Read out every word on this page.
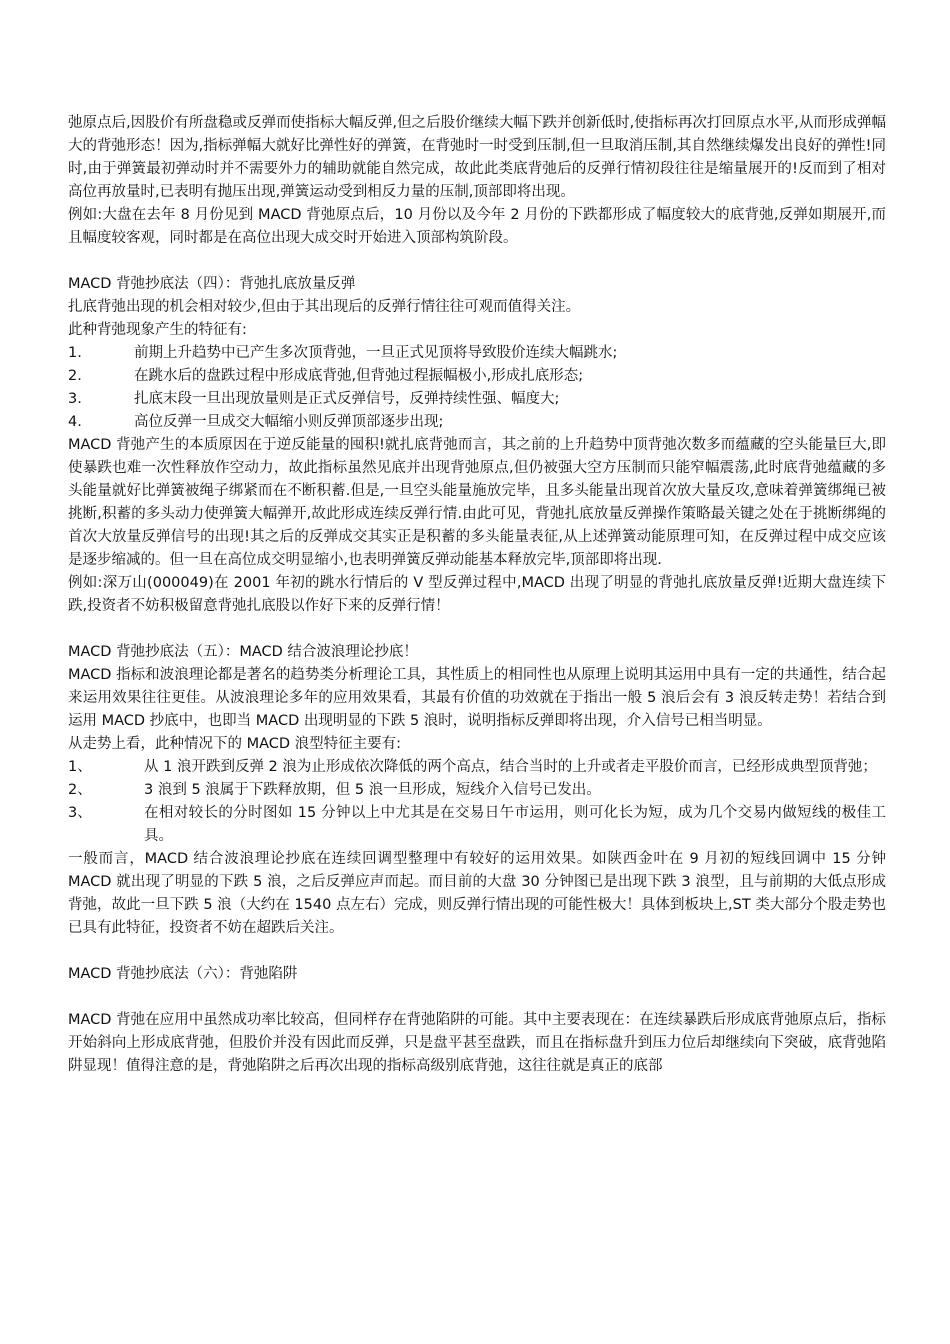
弛原点后,因股价有所盘稳或反弹而使指标大幅反弹,但之后股价继续大幅下跌并创新低时,使指标再次打回原点水平,从而形成弹幅大的背弛形态！因为,指标弹幅大就好比弹性好的弹簧，在背弛时一时受到压制,但一旦取消压制,其自然继续爆发出良好的弹性!同时,由于弹簧最初弹动时并不需要外力的辅助就能自然完成，故此此类底背弛后的反弹行情初段往往是缩量展开的!反而到了相对高位再放量时,已表明有抛压出现,弹簧运动受到相反力量的压制,顶部即将出现。

例如:大盘在去年 8 月份见到 MACD 背弛原点后，10 月份以及今年 2 月份的下跌都形成了幅度较大的底背弛,反弹如期展开,而且幅度较客观，同时都是在高位出现大成交时开始进入顶部构筑阶段。

MACD 背弛抄底法（四）：背弛扎底放量反弹

扎底背弛出现的机会相对较少,但由于其出现后的反弹行情往往可观而值得关注。

此种背弛现象产生的特征有:

1.	前期上升趋势中已产生多次顶背弛，一旦正式见顶将导致股价连续大幅跳水;
2.	在跳水后的盘跌过程中形成底背弛,但背弛过程振幅极小,形成扎底形态;
3.	扎底末段一旦出现放量则是正式反弹信号，反弹持续性强、幅度大;
4.	高位反弹一旦成交大幅缩小则反弹顶部逐步出现;

MACD 背弛产生的本质原因在于逆反能量的囤积!就扎底背弛而言，其之前的上升趋势中顶背弛次数多而蕴藏的空头能量巨大,即使暴跌也难一次性释放作空动力，故此指标虽然见底并出现背弛原点,但仍被强大空方压制而只能窄幅震荡,此时底背弛蕴藏的多头能量就好比弹簧被绳子绑紧而在不断积蓄.但是,一旦空头能量施放完毕，且多头能量出现首次放大量反攻,意味着弹簧绑绳已被挑断,积蓄的多头动力使弹簧大幅弹开,故此形成连续反弹行情.由此可见，背弛扎底放量反弹操作策略最关键之处在于挑断绑绳的首次大放量反弹信号的出现!其之后的反弹成交其实正是积蓄的多头能量表征,从上述弹簧动能原理可知，在反弹过程中成交应该是逐步缩减的。但一旦在高位成交明显缩小,也表明弹簧反弹动能基本释放完毕,顶部即将出现.

例如:深万山(000049)在 2001 年初的跳水行情后的 V 型反弹过程中,MACD 出现了明显的背弛扎底放量反弹!近期大盘连续下跌,投资者不妨积极留意背弛扎底股以作好下来的反弹行情！

MACD 背弛抄底法（五）：MACD 结合波浪理论抄底！

MACD 指标和波浪理论都是著名的趋势类分析理论工具，其性质上的相同性也从原理上说明其运用中具有一定的共通性，结合起来运用效果往往更佳。从波浪理论多年的应用效果看，其最有价值的功效就在于指出一般 5 浪后会有 3 浪反转走势！若结合到运用 MACD 抄底中，也即当 MACD 出现明显的下跌 5 浪时，说明指标反弹即将出现，介入信号已相当明显。

从走势上看，此种情况下的 MACD 浪型特征主要有:

1、	从 1 浪开跌到反弹 2 浪为止形成依次降低的两个高点，结合当时的上升或者走平股价而言，已经形成典型顶背弛；
2、	3 浪到 5 浪属于下跌释放期，但 5 浪一旦形成，短线介入信号已发出。
3、	在相对较长的分时图如 15 分钟以上中尤其是在交易日午市运用，则可化长为短，成为几个交易内做短线的极佳工具。

一般而言，MACD 结合波浪理论抄底在连续回调型整理中有较好的运用效果。如陕西金叶在 9 月初的短线回调中 15 分钟 MACD 就出现了明显的下跌 5 浪，之后反弹应声而起。而目前的大盘 30 分钟图已是出现下跌 3 浪型，且与前期的大低点形成背弛，故此一旦下跌 5 浪（大约在 1540 点左右）完成，则反弹行情出现的可能性极大！具体到板块上,ST 类大部分个股走势也已具有此特征，投资者不妨在超跌后关注。

MACD 背弛抄底法（六）：背弛陷阱

MACD 背弛在应用中虽然成功率比较高，但同样存在背弛陷阱的可能。其中主要表现在：在连续暴跌后形成底背弛原点后，指标开始斜向上形成底背弛，但股价并没有因此而反弹，只是盘平甚至盘跌，而且在指标盘升到压力位后却继续向下突破，底背弛陷阱显现！值得注意的是，背弛陷阱之后再次出现的指标高级别底背弛，这往往就是真正的底部
